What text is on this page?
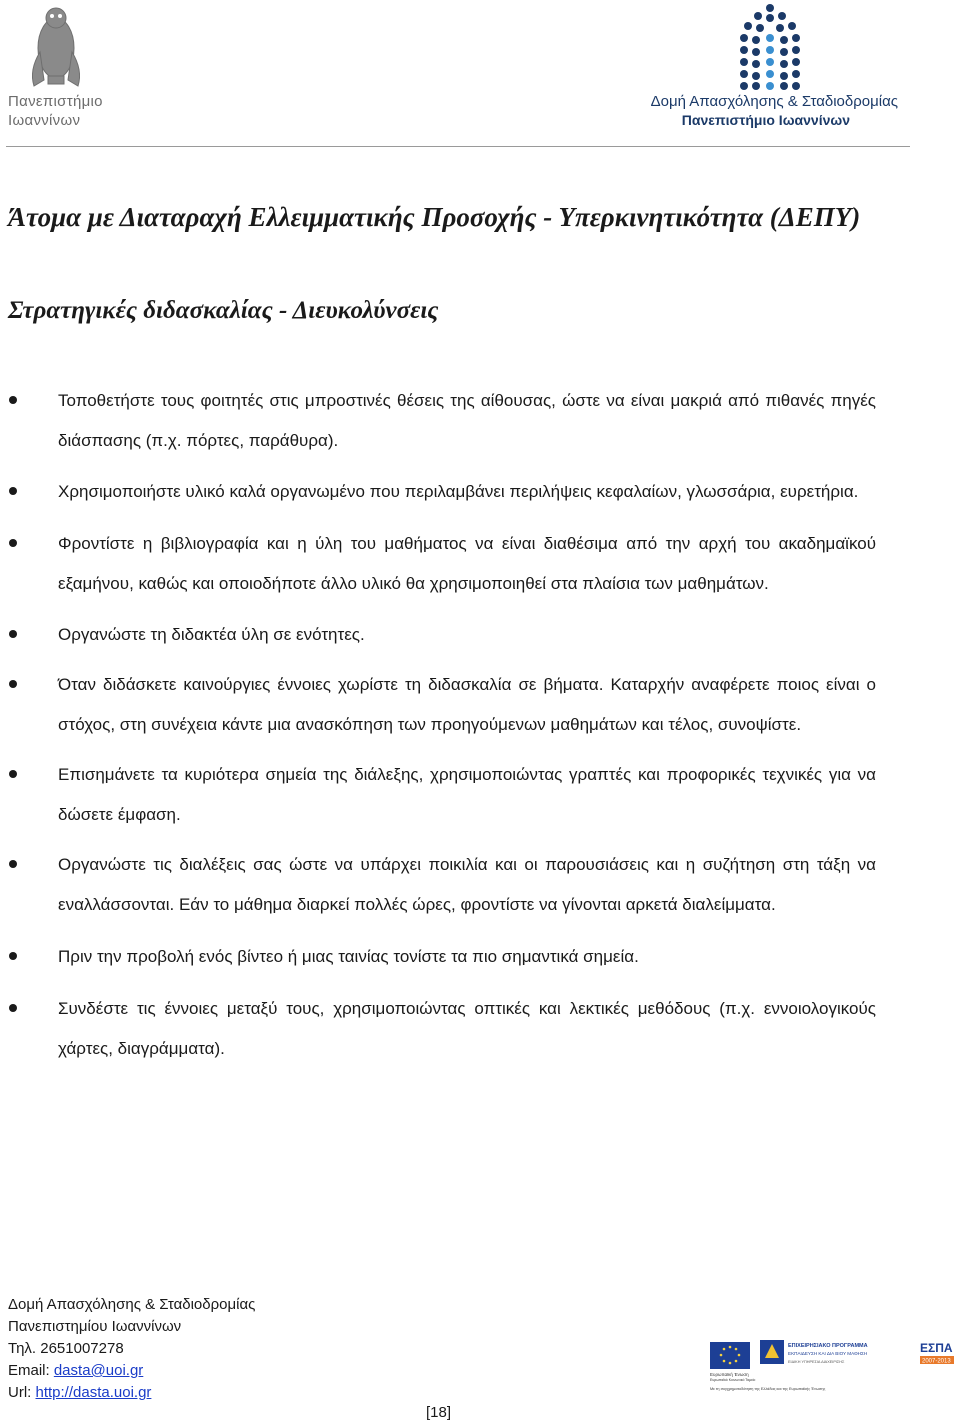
Πανεπιστήμιο
Ιωαννίνων
Δομή Απασχόλησης & Σταδιοδρομίας
Πανεπιστήμιο Ιωαννίνων
Άτομα με Διαταραχή Ελλειμματικής Προσοχής - Υπερκινητικότητα (ΔΕΠΥ)
Στρατηγικές διδασκαλίας - Διευκολύνσεις
Τοποθετήστε τους φοιτητές στις μπροστινές θέσεις της αίθουσας, ώστε να είναι μακριά από πιθανές πηγές διάσπασης (π.χ. πόρτες, παράθυρα).
Χρησιμοποιήστε υλικό καλά οργανωμένο που περιλαμβάνει περιλήψεις κεφαλαίων, γλωσσάρια, ευρετήρια.
Φροντίστε η βιβλιογραφία και η ύλη του μαθήματος να είναι διαθέσιμα από την αρχή του ακαδημαϊκού εξαμήνου, καθώς και οποιοδήποτε άλλο υλικό θα χρησιμοποιηθεί στα πλαίσια των μαθημάτων.
Οργανώστε τη διδακτέα ύλη σε ενότητες.
Όταν διδάσκετε καινούργιες έννοιες χωρίστε τη διδασκαλία σε βήματα. Καταρχήν αναφέρετε ποιος είναι ο στόχος, στη συνέχεια κάντε μια ανασκόπηση των προηγούμενων μαθημάτων και τέλος, συνοψίστε.
Επισημάνετε τα κυριότερα σημεία της διάλεξης, χρησιμοποιώντας γραπτές και προφορικές τεχνικές για να δώσετε έμφαση.
Οργανώστε τις διαλέξεις σας ώστε να υπάρχει ποικιλία και οι παρουσιάσεις και η συζήτηση στη τάξη να εναλλάσσονται. Εάν το μάθημα διαρκεί πολλές ώρες, φροντίστε να γίνονται αρκετά διαλείμματα.
Πριν την προβολή ενός βίντεο ή μιας ταινίας τονίστε τα πιο σημαντικά σημεία.
Συνδέστε τις έννοιες μεταξύ τους, χρησιμοποιώντας οπτικές και λεκτικές μεθόδους (π.χ. εννοιολογικούς χάρτες, διαγράμματα).
Δομή Απασχόλησης & Σταδιοδρομίας
Πανεπιστημίου Ιωαννίνων
Τηλ. 2651007278
Email: dasta@uoi.gr
Url: http://dasta.uoi.gr
Ευρωπαϊκή Ένωση
Ευρωπαϊκό Κοινωνικό Ταμείο
ΕΠΙΧΕΙΡΗΣΙΑΚΟ ΠΡΟΓΡΑΜΜΑ
ΕΚΠΑΙΔΕΥΣΗ ΚΑΙ ΔΙΑ ΒΙΟΥ ΜΑΘΗΣΗ
ΕΙΔΙΚΗ ΥΠΗΡΕΣΙΑ ΔΙΑΧΕΙΡΙΣΗΣ
ΕΣΠΑ
2007-2013
Με τη συγχρηματοδότηση της Ελλάδας και της Ευρωπαϊκής Ένωσης
[18]
